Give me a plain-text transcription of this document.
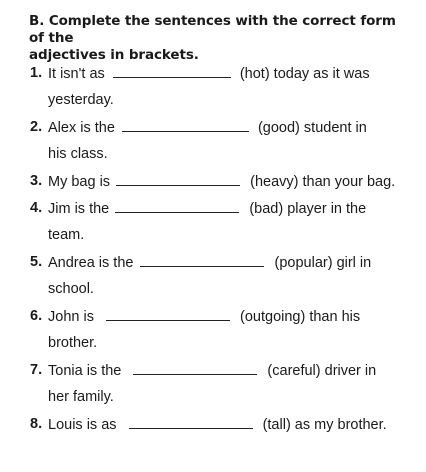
B. Complete the sentences with the correct form of the
adjectives in brackets.
1. It isn't as	(hot) today as it was
yesterday.
2. Alex is the	(good) student in
his class.
3. My bag is	(heavy) than your bag.
4. Jim is the	(bad) player in the
team.
5. Andrea is the	(popular) girl in
school.
6. John is	(outgoing) than his
brother.
7. Tonia is the	(careful) driver in
her family.
8. Louis is as	(tall) as my brother.
